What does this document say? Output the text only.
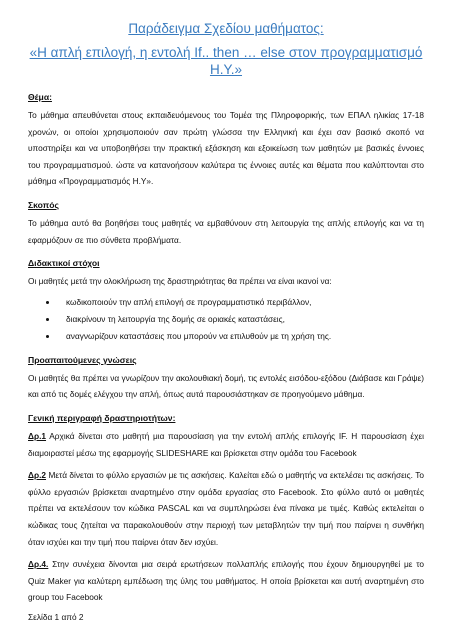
Παράδειγμα Σχεδίου μαθήματος:
«Η απλή επιλογή, η εντολή If.. then … else στον προγραμματισμό Η.Υ.»
Θέμα:
Το μάθημα απευθύνεται στους εκπαιδευόμενους του Τομέα της Πληροφορικής, των ΕΠΑΛ ηλικίας 17-18 χρονών, οι οποίοι χρησιμοποιούν σαν πρώτη γλώσσα την Ελληνική και έχει σαν βασικό σκοπό να υποστηρίξει και να υποβοηθήσει την πρακτική εξάσκηση και εξοικείωση των μαθητών με βασικές έννοιες του προγραμματισμού. ώστε να κατανοήσουν καλύτερα τις έννοιες αυτές και θέματα που καλύπτονται στο μάθημα «Προγραμματισμός Η.Υ».
Σκοπός
Το μάθημα αυτό θα βοηθήσει τους μαθητές να εμβαθύνουν στη λειτουργία της απλής επιλογής και να τη εφαρμόζουν σε πιο σύνθετα προβλήματα.
Διδακτικοί στόχοι
Οι μαθητές μετά την ολοκλήρωση της δραστηριότητας θα πρέπει να είναι ικανοί να:
• κωδικοποιούν την απλή επιλογή σε προγραμματιστικό περιβάλλον,
• διακρίνουν τη λειτουργία της δομής σε οριακές καταστάσεις,
• αναγνωρίζουν καταστάσεις που μπορούν να επιλυθούν με τη χρήση της.
Προαπαιτούμενες γνώσεις
Οι μαθητές θα πρέπει να γνωρίζουν την ακολουθιακή δομή, τις εντολές εισόδου-εξόδου (Διάβασε και Γράψε) και από τις δομές ελέγχου την απλή, όπως αυτά παρουσιάστηκαν σε προηγούμενο μάθημα.
Γενική περιγραφή δραστηριοτήτων:
Δρ.1 Αρχικά δίνεται στο μαθητή μια παρουσίαση για την εντολή απλής επιλογής IF. Η παρουσίαση έχει διαμοιραστεί μέσω της εφαρμογής SLIDESHARE και βρίσκεται στην ομάδα του Facebook
Δρ.2 Μετά δίνεται το φύλλο εργασιών με τις ασκήσεις. Καλείται εδώ ο μαθητής να εκτελέσει τις ασκήσεις. Το φύλλο εργασιών βρίσκεται αναρτημένο στην ομάδα εργασίας στο Facebook. Στο φύλλο αυτό οι μαθητές πρέπει να εκτελέσουν τον κώδικα PASCAL και να συμπληρώσει ένα πίνακα με τιμές. Καθώς εκτελείται ο κώδικας τους ζητείται να παρακολουθούν στην περιοχή των μεταβλητών την τιμή που παίρνει η συνθήκη όταν ισχύει και την τιμή που παίρνει όταν δεν ισχύει.
Δρ.4. Στην συνέχεια δίνονται μια σειρά ερωτήσεων πολλαπλής επιλογής που έχουν δημιουργηθεί με το Quiz Maker για καλύτερη εμπέδωση της ύλης του μαθήματος. Η οποία βρίσκεται και αυτή αναρτημένη στο group του Facebook
Σελίδα 1 από 2
